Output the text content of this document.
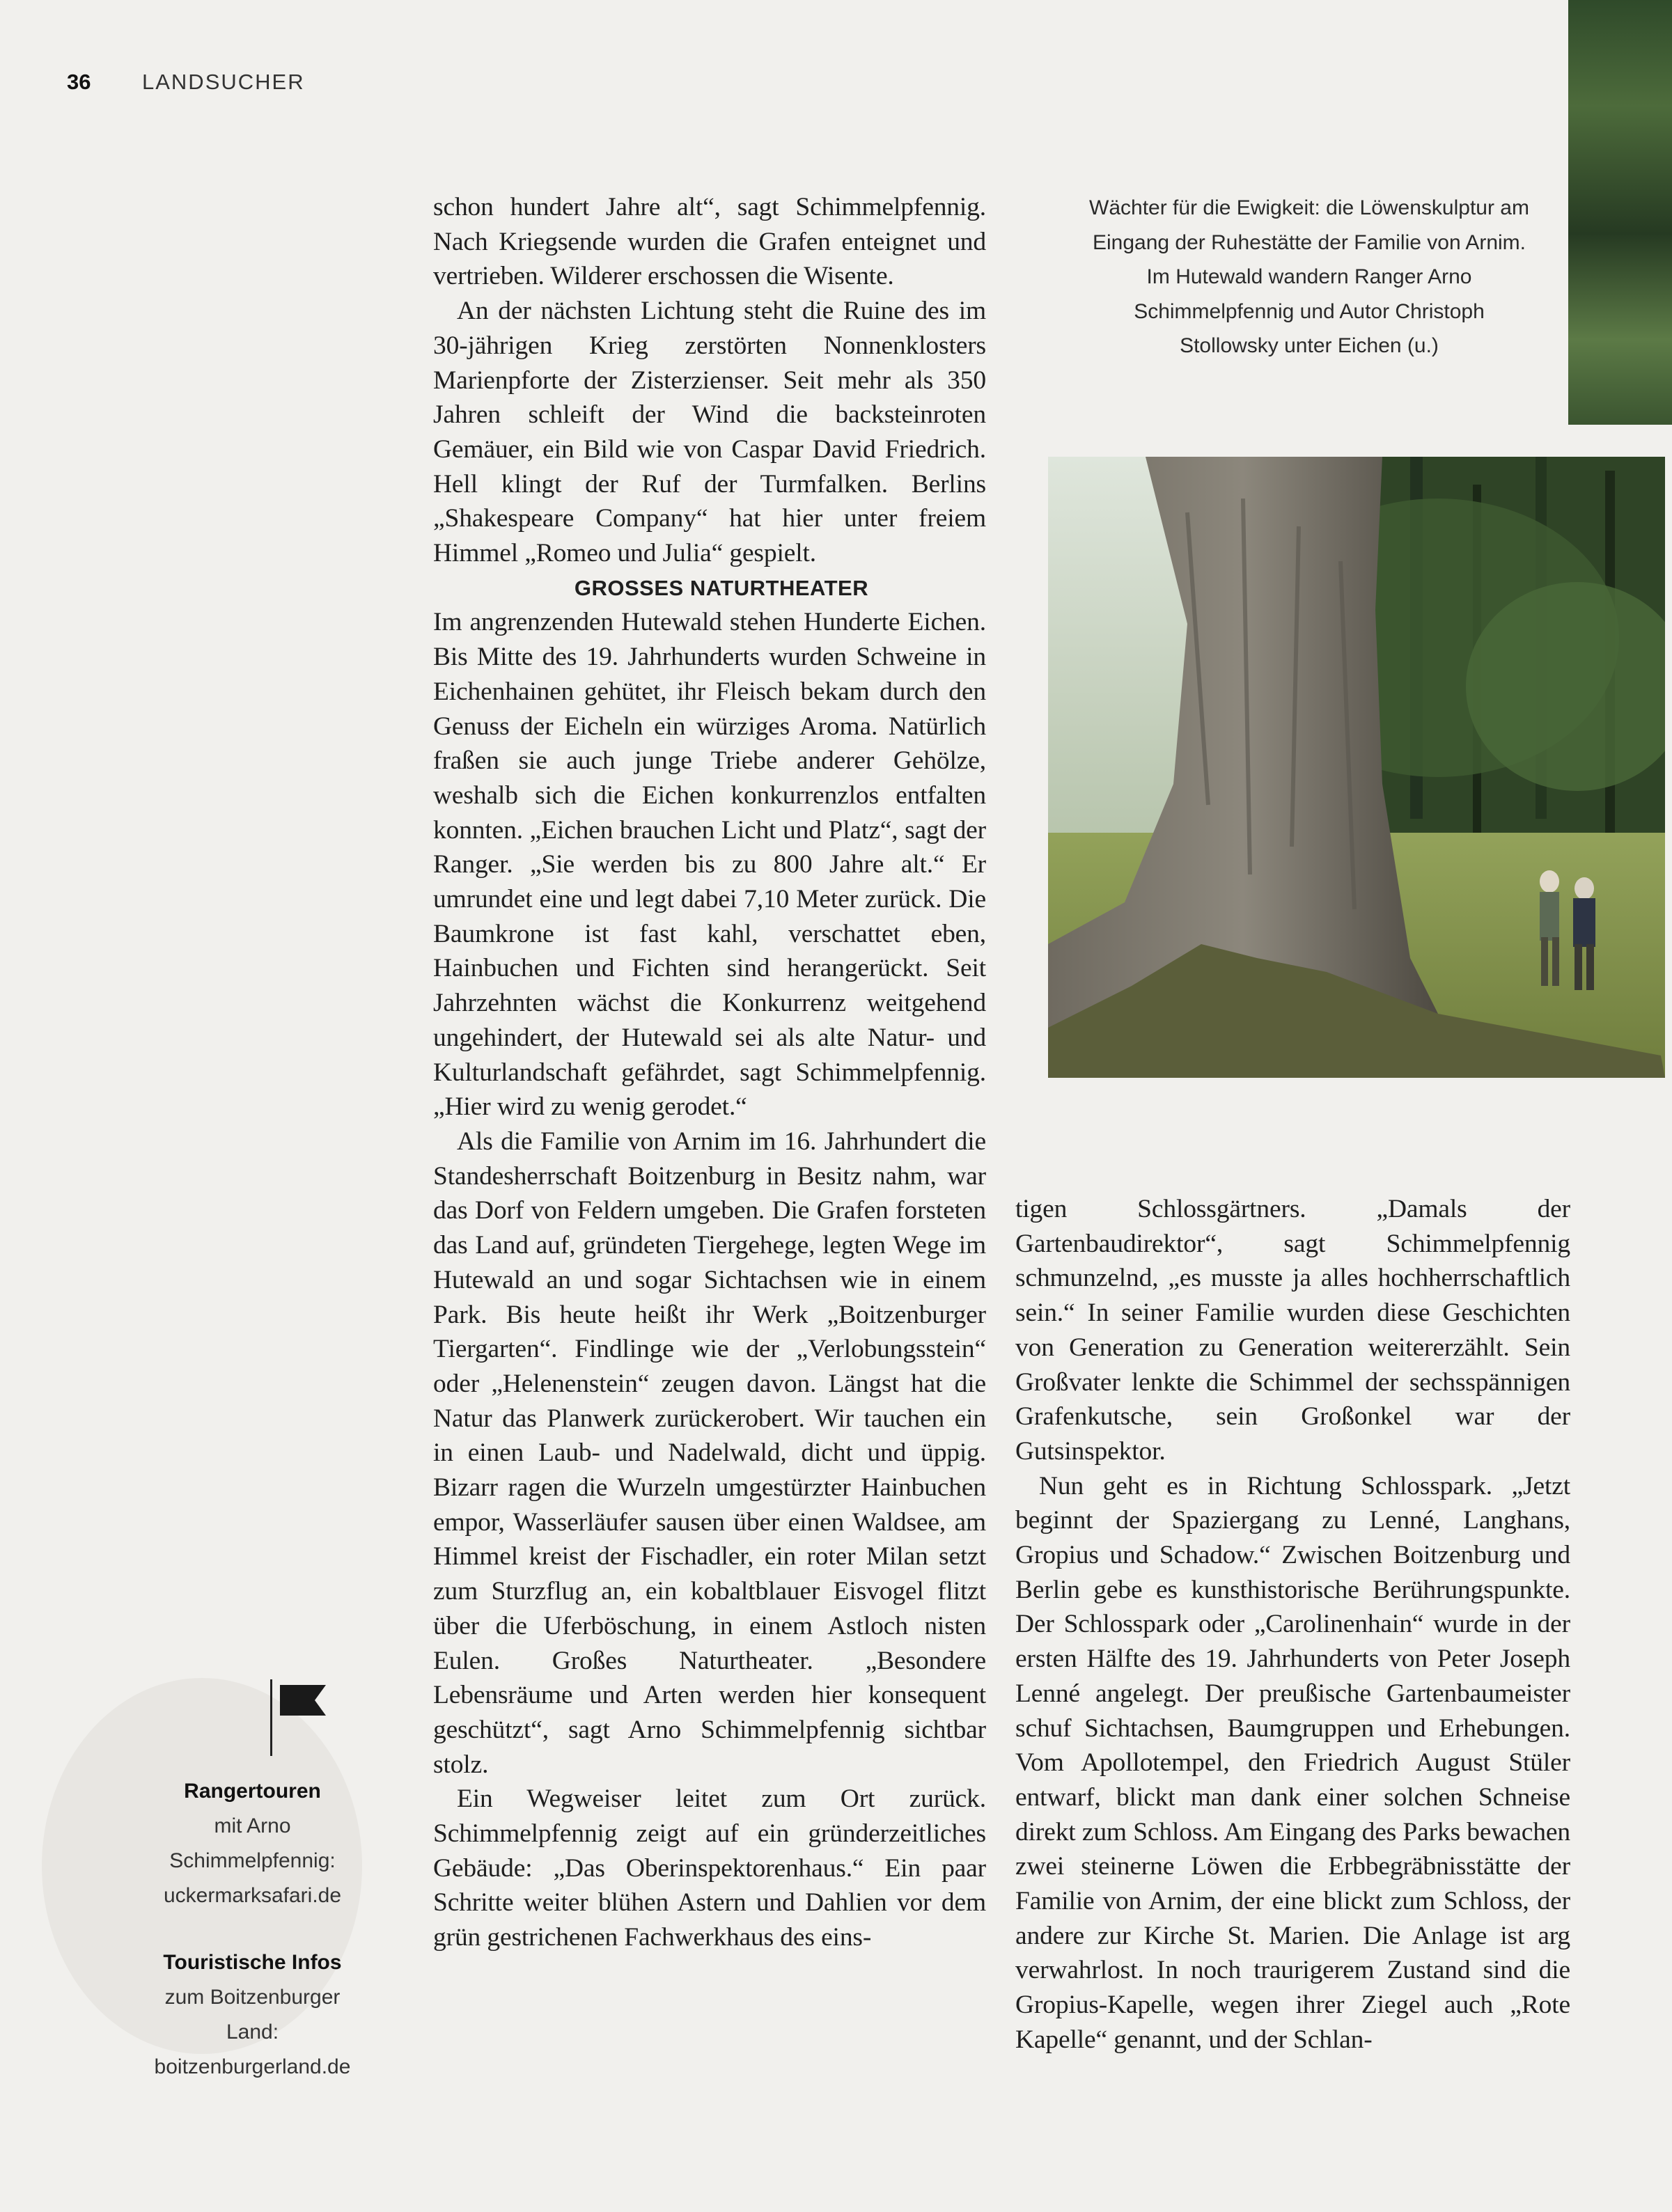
36 LANDSUCHER

schon hundert Jahre alt“, sagt Schimmelpfennig. Nach Kriegsende wurden die Grafen enteignet und vertrieben. Wilderer erschossen die Wisente.

An der nächsten Lichtung steht die Ruine des im 30-jährigen Krieg zerstörten Nonnenklosters Marienpforte der Zisterzienser. Seit mehr als 350 Jahren schleift der Wind die backsteinroten Gemäuer, ein Bild wie von Caspar David Friedrich. Hell klingt der Ruf der Turmfalken. Berlins „Shakespeare Company“ hat hier unter freiem Himmel „Romeo und Julia“ gespielt.

GROSSES NATURTHEATER

Im angrenzenden Hutewald stehen Hunderte Eichen. Bis Mitte des 19. Jahrhunderts wurden Schweine in Eichenhainen gehütet, ihr Fleisch bekam durch den Genuss der Eicheln ein würziges Aroma. Natürlich fraßen sie auch junge Triebe anderer Gehölze, weshalb sich die Eichen konkurrenzlos entfalten konnten. „Eichen brauchen Licht und Platz“, sagt der Ranger. „Sie werden bis zu 800 Jahre alt.“ Er umrundet eine und legt dabei 7,10 Meter zurück. Die Baumkrone ist fast kahl, verschattet eben, Hainbuchen und Fichten sind herangerückt. Seit Jahrzehnten wächst die Konkurrenz weitgehend ungehindert, der Hutewald sei als alte Natur- und Kulturlandschaft gefährdet, sagt Schimmelpfennig. „Hier wird zu wenig gerodet.“

Als die Familie von Arnim im 16. Jahrhundert die Standesherrschaft Boitzenburg in Besitz nahm, war das Dorf von Feldern umgeben. Die Grafen forsteten das Land auf, gründeten Tiergehege, legten Wege im Hutewald an und sogar Sichtachsen wie in einem Park. Bis heute heißt ihr Werk „Boitzenburger Tiergarten“. Findlinge wie der „Verlobungsstein“ oder „Helenenstein“ zeugen davon. Längst hat die Natur das Planwerk zurückerobert. Wir tauchen ein in einen Laub- und Nadelwald, dicht und üppig. Bizarr ragen die Wurzeln umgestürzter Hainbuchen empor, Wasserläufer sausen über einen Waldsee, am Himmel kreist der Fischadler, ein roter Milan setzt zum Sturzflug an, ein kobaltblauer Eisvogel flitzt über die Uferböschung, in einem Astloch nisten Eulen. Großes Naturtheater. „Besondere Lebensräume und Arten werden hier konsequent geschützt“, sagt Arno Schimmelpfennig sichtbar stolz.

Ein Wegweiser leitet zum Ort zurück. Schimmelpfennig zeigt auf ein gründerzeitliches Gebäude: „Das Oberinspektorenhaus.“ Ein paar Schritte weiter blühen Astern und Dahlien vor dem grün gestrichenen Fachwerkhaus des eins-

Wächter für die Ewigkeit: die Löwenskulptur am Eingang der Ruhestätte der Familie von Arnim. Im Hutewald wandern Ranger Arno Schimmelpfennig und Autor Christoph Stollowsky unter Eichen (u.)

tigen Schlossgärtners. „Damals der Gartenbaudirektor“, sagt Schimmelpfennig schmunzelnd, „es musste ja alles hochherrschaftlich sein.“ In seiner Familie wurden diese Geschichten von Generation zu Generation weitererzählt. Sein Großvater lenkte die Schimmel der sechsspännigen Grafenkutsche, sein Großonkel war der Gutsinspektor.

Nun geht es in Richtung Schlosspark. „Jetzt beginnt der Spaziergang zu Lenné, Langhans, Gropius und Schadow.“ Zwischen Boitzenburg und Berlin gebe es kunsthistorische Berührungspunkte. Der Schlosspark oder „Carolinenhain“ wurde in der ersten Hälfte des 19. Jahrhunderts von Peter Joseph Lenné angelegt. Der preußische Gartenbaumeister schuf Sichtachsen, Baumgruppen und Erhebungen. Vom Apollotempel, den Friedrich August Stüler entwarf, blickt man dank einer solchen Schneise direkt zum Schloss. Am Eingang des Parks bewachen zwei steinerne Löwen die Erbbegräbnisstätte der Familie von Arnim, der eine blickt zum Schloss, der andere zur Kirche St. Marien. Die Anlage ist arg verwahrlost. In noch traurigerem Zustand sind die Gropius-Kapelle, wegen ihrer Ziegel auch „Rote Kapelle“ genannt, und der Schlan-

Rangertouren
mit Arno
Schimmelpfennig:
uckermarksafari.de
Touristische Infos
zum Boitzenburger
Land:
boitzenburgerland.de
